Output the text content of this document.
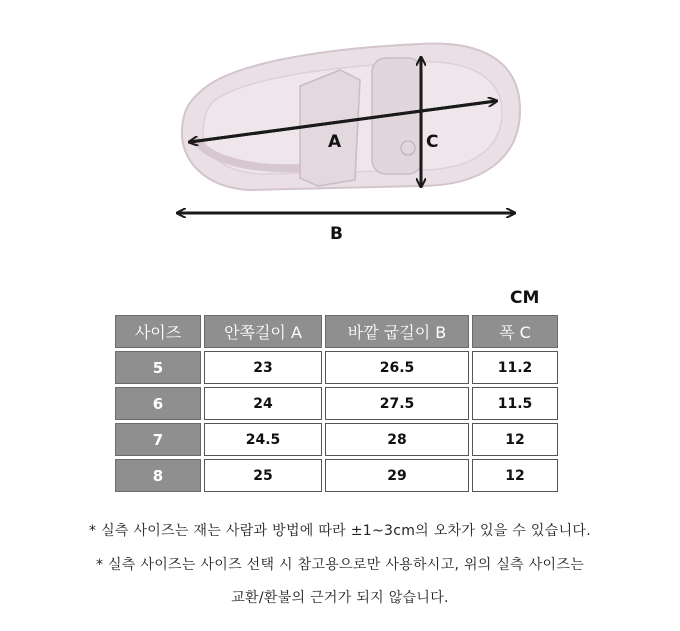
A	C
B
CM
사이즈	안쪽길이 A	바깥 굽길이 B	폭 C
5	23	26.5	11.2
6	24	27.5	11.5
7	24.5	28	12
8	25	29	12
* 실측 사이즈는 재는 사람과 방법에 따라 ±1~3cm의 오차가 있을 수 있습니다.
* 실측 사이즈는 사이즈 선택 시 참고용으로만 사용하시고, 위의 실측 사이즈는
교환/환불의 근거가 되지 않습니다.
